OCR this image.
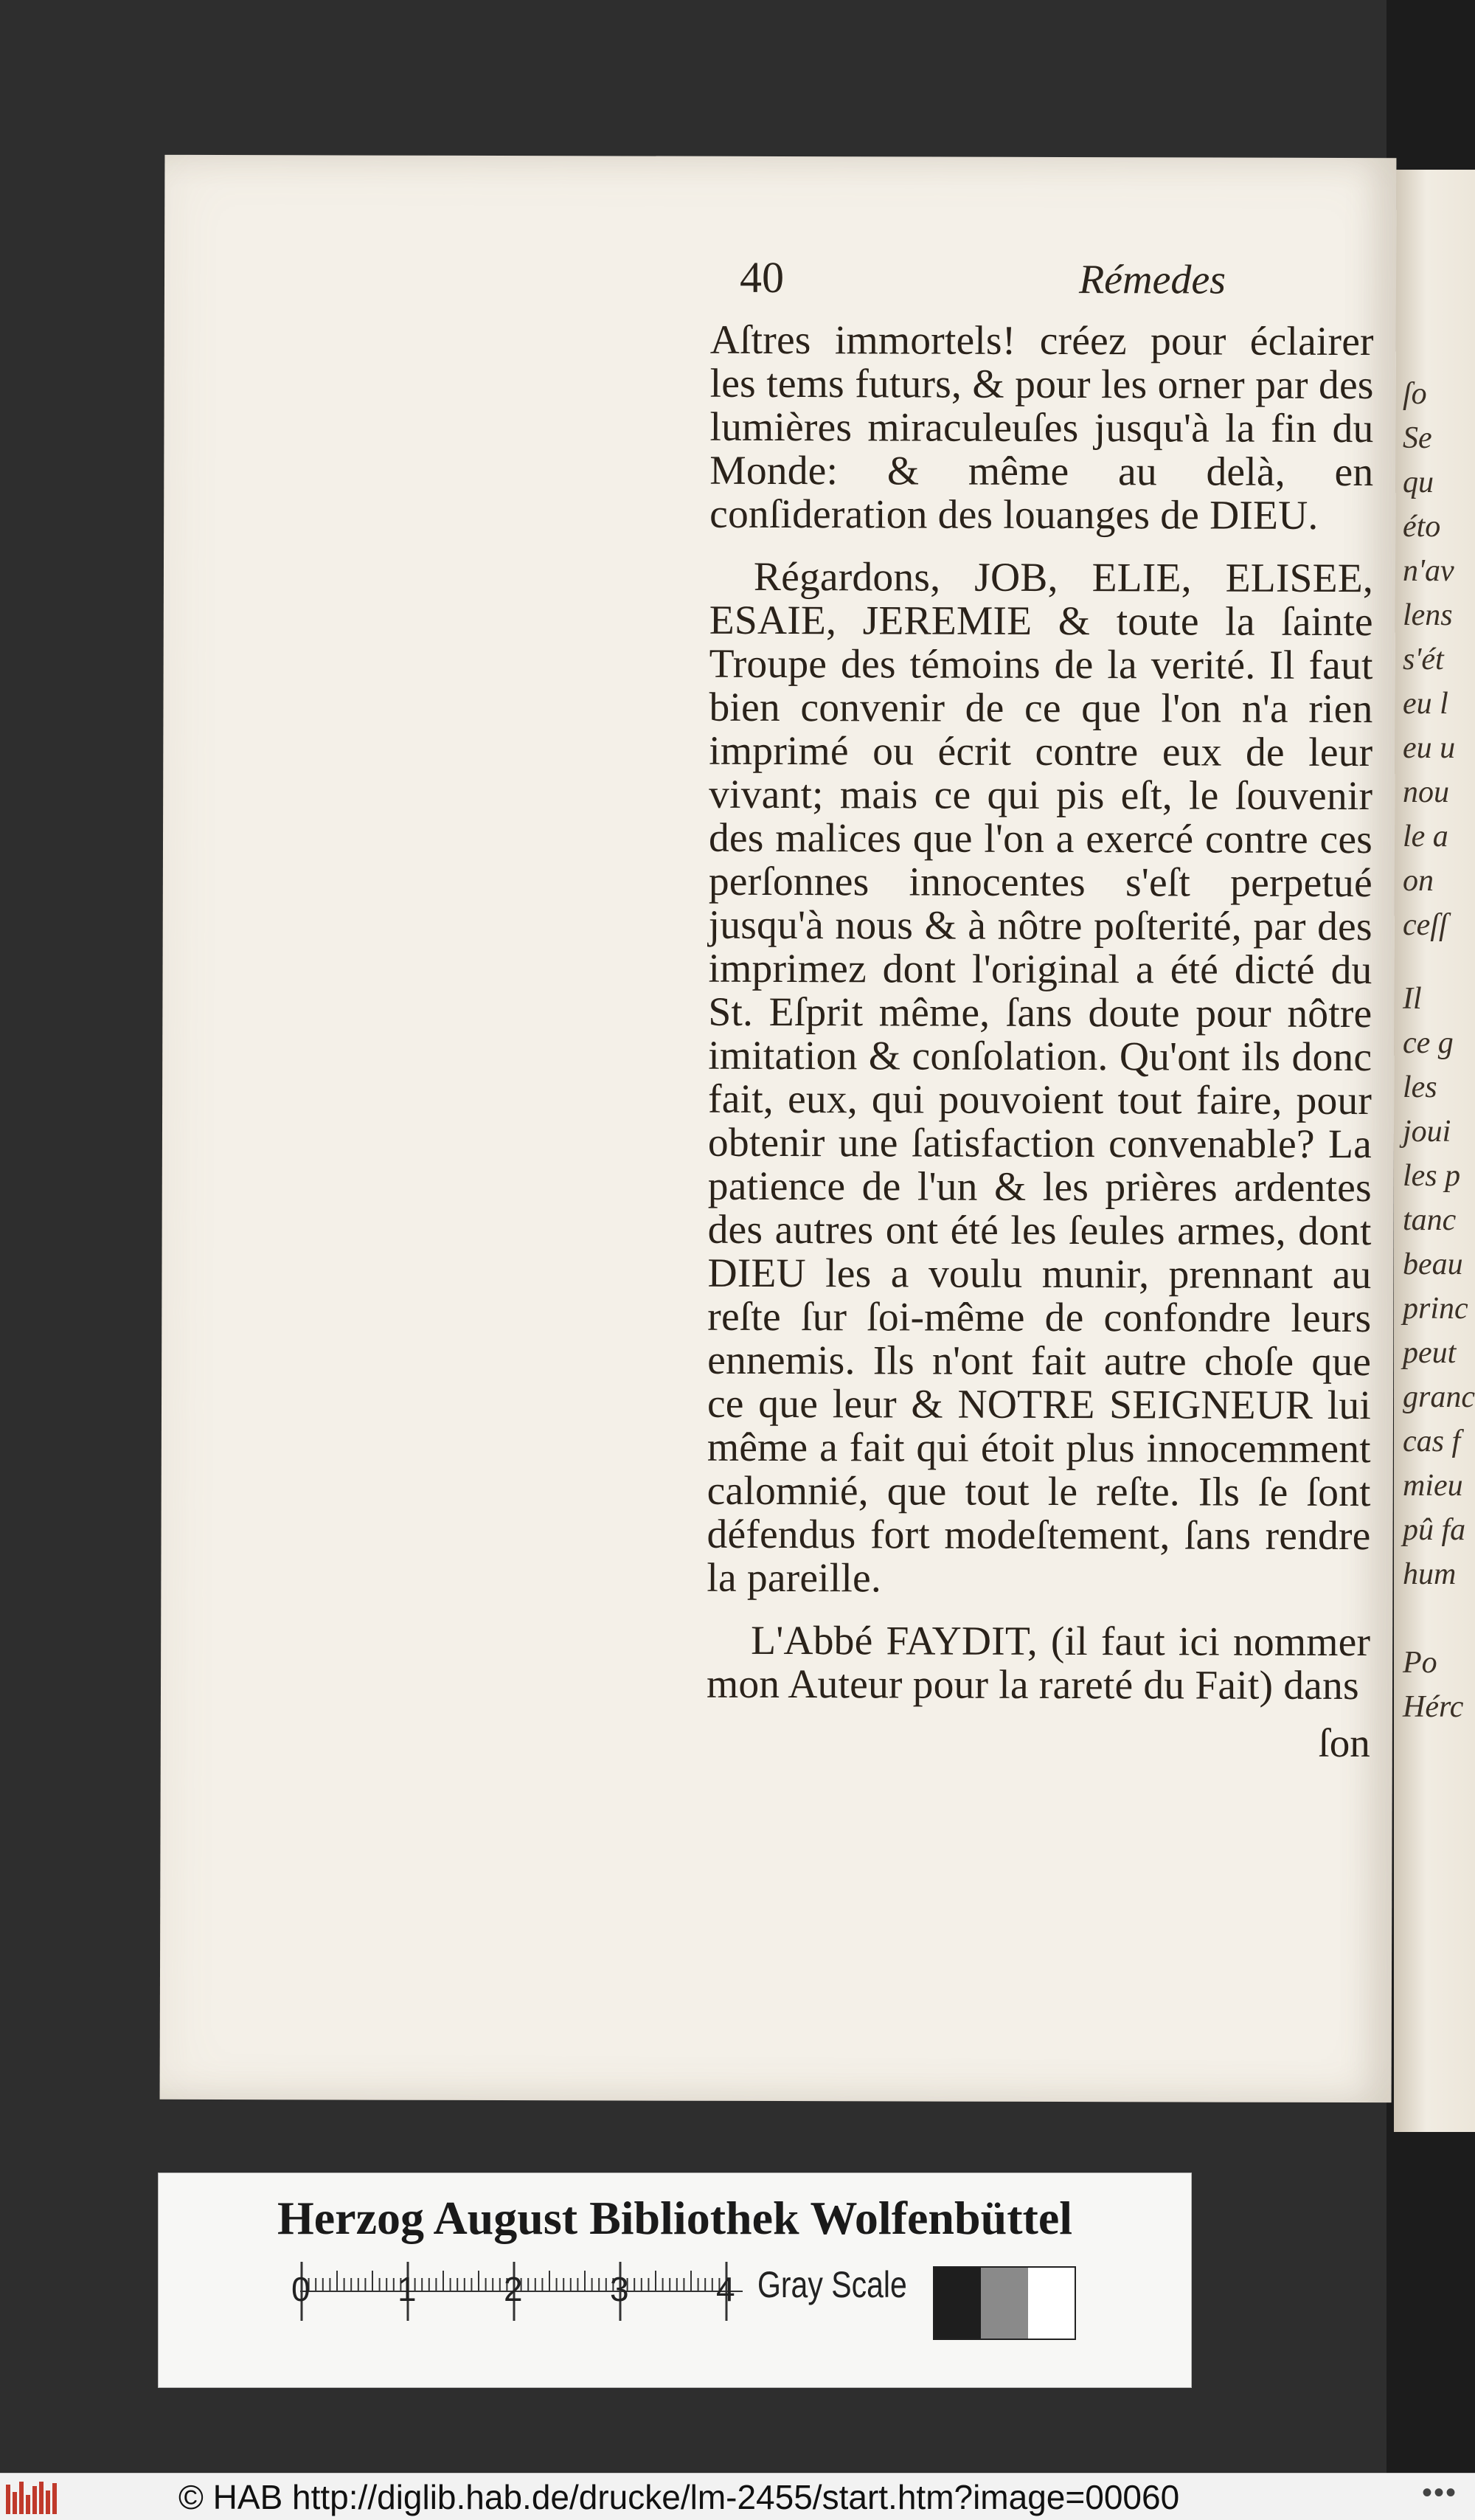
ſo
Se
qu
éto
n'av
lens
s'ét
eu l
eu u
nou
le a
on
ceſſ
Il
ce g
les
joui
les p
tanc
beau
princ
peut
granc
cas f
mieu
pû fa
hum
Po
Hérc
40	Rémedes

Aſtres immortels! créez pour éclairer les tems futurs, & pour les orner par des lumières miraculeuſes jusqu'à la fin du Monde: & même au delà, en conſideration des louanges de DIEU.

Régardons, JOB, ELIE, ELISEE, ESAIE, JEREMIE & toute la ſainte Troupe des témoins de la verité. Il faut bien convenir de ce que l'on n'a rien imprimé ou écrit contre eux de leur vivant; mais ce qui pis eſt, le ſouvenir des malices que l'on a exercé contre ces perſonnes innocentes s'eſt perpetué jusqu'à nous & à nôtre poſterité, par des imprimez dont l'original a été dicté du St. Eſprit même, ſans doute pour nôtre imitation & conſolation. Qu'ont ils donc fait, eux, qui pouvoient tout faire, pour obtenir une ſatisfaction convenable? La patience de l'un & les prières ardentes des autres ont été les ſeules armes, dont DIEU les a voulu munir, prennant au reſte ſur ſoi-même de confondre leurs ennemis. Ils n'ont fait autre choſe que ce que leur & NOTRE SEIGNEUR lui même a fait qui étoit plus innocemment calomnié, que tout le reſte. Ils ſe ſont défendus fort modeſtement, ſans rendre la pareille.

L'Abbé FAYDIT, (il faut ici nommer mon Auteur pour la rareté du Fait) dans

ſon
Herzog August Bibliothek Wolfenbüttel
0	1	2	3	4 Gray Scale
© HAB http://diglib.hab.de/drucke/lm-2455/start.htm?image=00060	•••
